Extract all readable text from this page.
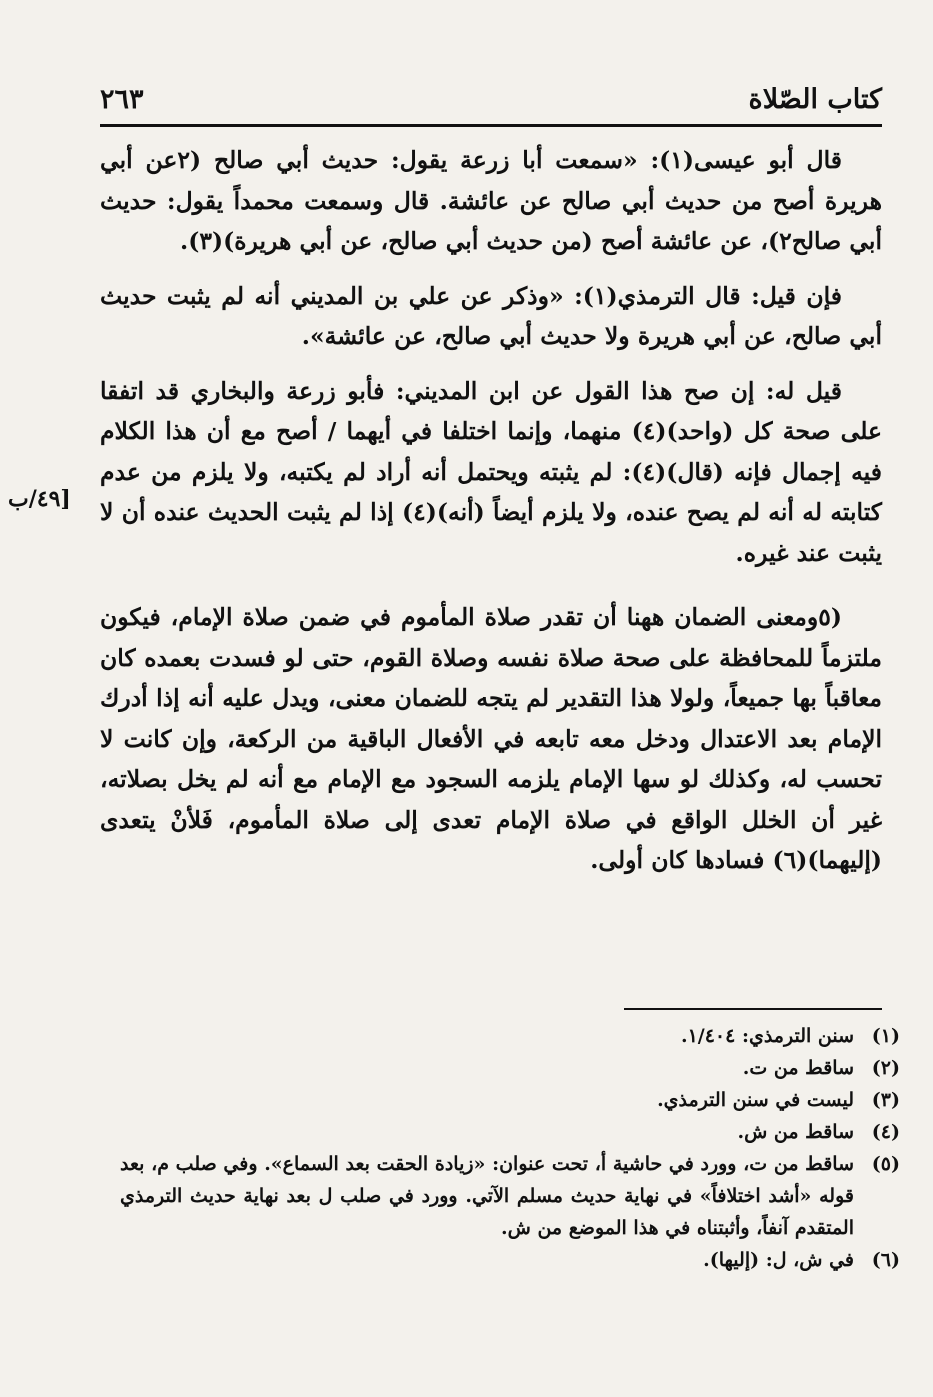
كتاب الصّلاة
٢٦٣
[٤٩/ب

قال أبو عيسى(١): «سمعت أبا زرعة يقول: حديث أبي صالح (٢عن أبي هريرة أصح من حديث أبي صالح عن عائشة. قال وسمعت محمداً يقول: حديث أبي صالح٢)، عن عائشة أصح (من حديث أبي صالح، عن أبي هريرة)(٣).

فإن قيل: قال الترمذي(١): «وذكر عن علي بن المديني أنه لم يثبت حديث أبي صالح، عن أبي هريرة ولا حديث أبي صالح، عن عائشة».

قيل له: إن صح هذا القول عن ابن المديني: فأبو زرعة والبخاري قد اتفقا على صحة كل (واحد)(٤) منهما، وإنما اختلفا في أيهما / أصح مع أن هذا الكلام فيه إجمال فإنه (قال)(٤): لم يثبته ويحتمل أنه أراد لم يكتبه، ولا يلزم من عدم كتابته له أنه لم يصح عنده، ولا يلزم أيضاً (أنه)(٤) إذا لم يثبت الحديث عنده أن لا يثبت عند غيره.

(٥ومعنى الضمان ههنا أن تقدر صلاة المأموم في ضمن صلاة الإمام، فيكون ملتزماً للمحافظة على صحة صلاة نفسه وصلاة القوم، حتى لو فسدت بعمده كان معاقباً بها جميعاً، ولولا هذا التقدير لم يتجه للضمان معنى، ويدل عليه أنه إذا أدرك الإمام بعد الاعتدال ودخل معه تابعه في الأفعال الباقية من الركعة، وإن كانت لا تحسب له، وكذلك لو سها الإمام يلزمه السجود مع الإمام مع أنه لم يخل بصلاته، غير أن الخلل الواقع في صلاة الإمام تعدى إلى صلاة المأموم، فَلأنْ يتعدى (إليهما)(٦) فسادها كان أولى.

(١)
سنن الترمذي: ١/٤٠٤.
(٢)
ساقط من ت.
(٣)
ليست في سنن الترمذي.
(٤)
ساقط من ش.
(٥)
ساقط من ت، وورد في حاشية أ، تحت عنوان: «زيادة الحقت بعد السماع». وفي صلب م، بعد قوله «أشد اختلافاً» في نهاية حديث مسلم الآتي. وورد في صلب ل بعد نهاية حديث الترمذي المتقدم آنفاً، وأثبتناه في هذا الموضع من ش.
(٦)
في ش، ل: (إليها).
